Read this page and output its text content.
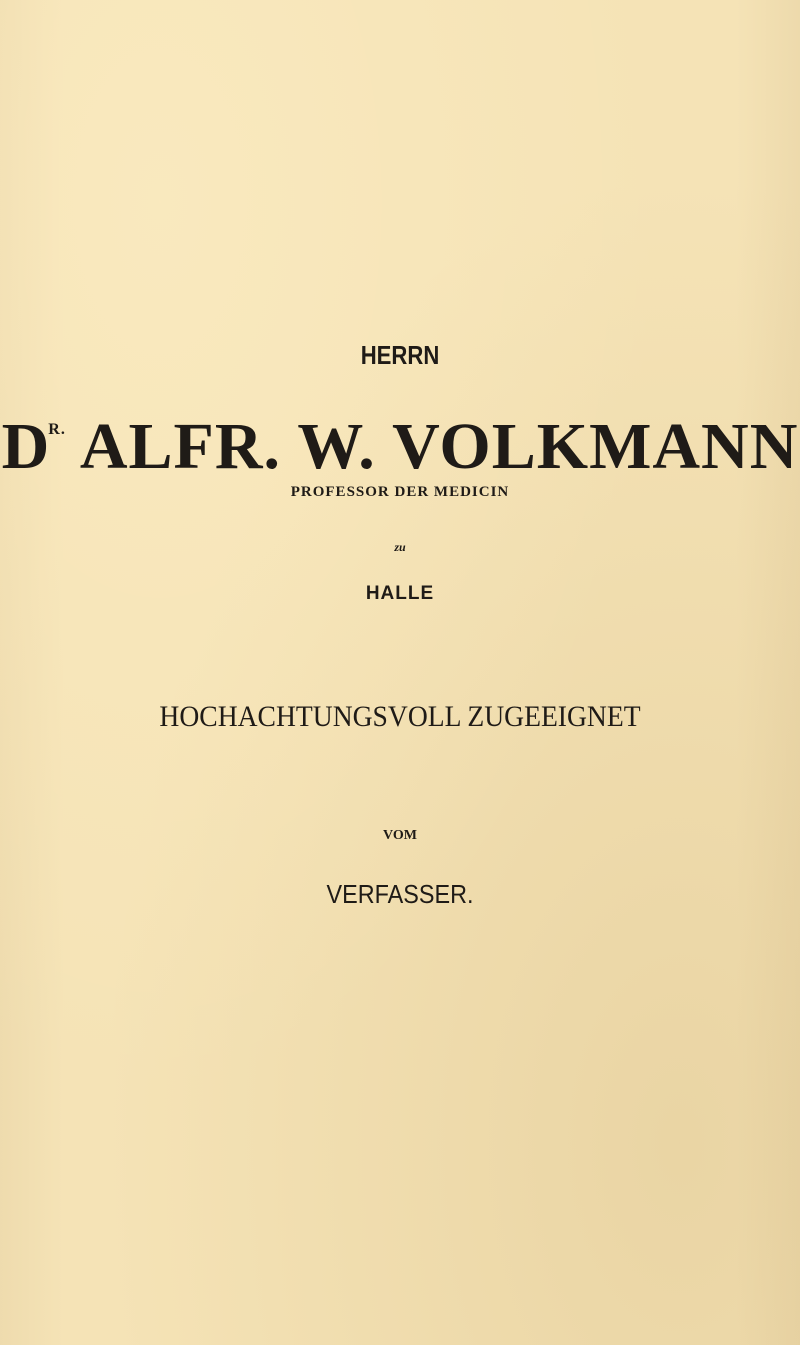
HERRN
$D^{R.}$ ALFR. W. VOLKMANN
PROFESSOR DER MEDICIN
zu
HALLE
HOCHACHTUNGSVOLL ZUGEEIGNET
VOM
VERFASSER.
